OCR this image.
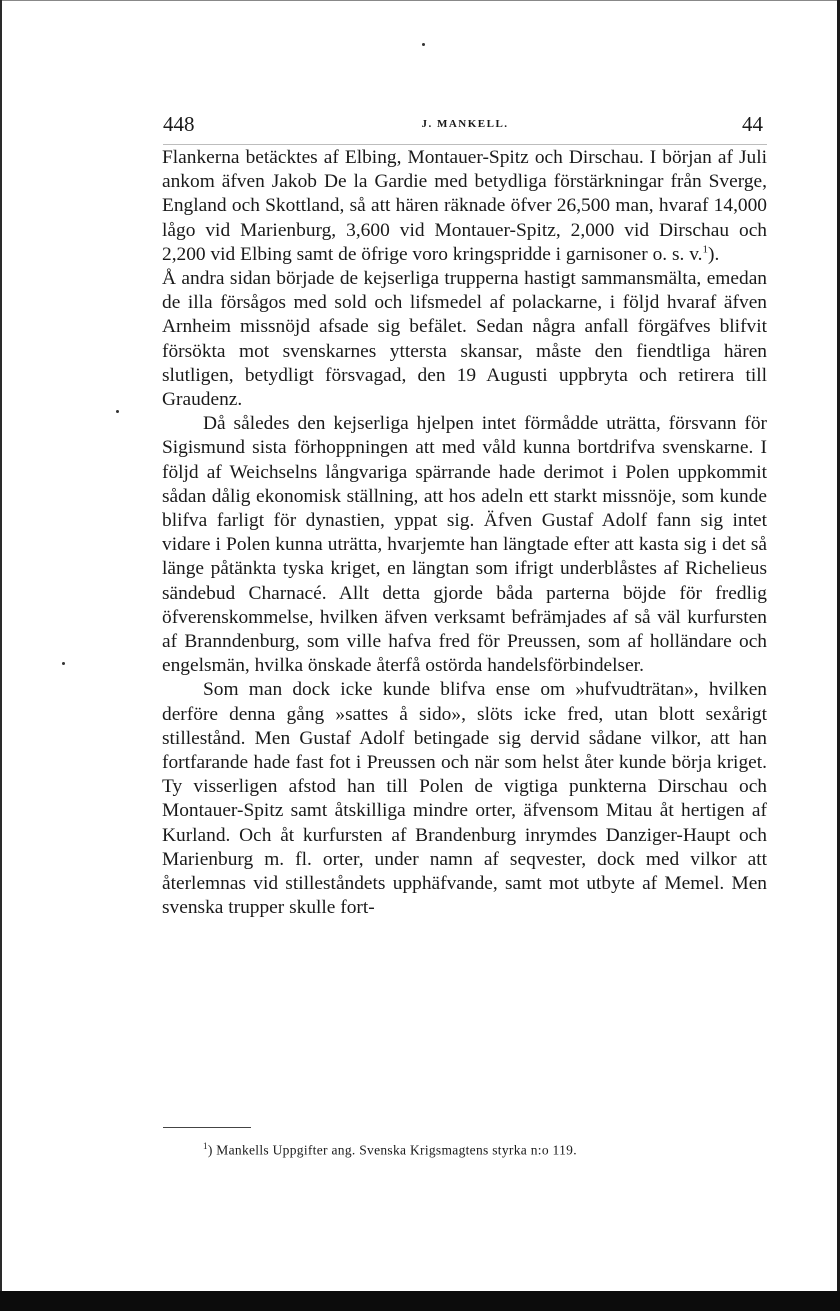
448	J. MANKELL.	44

Flankerna betäcktes af Elbing, Montauer-Spitz och Dirschau. I början af Juli ankom äfven Jakob De la Gardie med betydliga förstärkningar från Sverge, England och Skottland, så att hären räknade öfver 26,500 man, hvaraf 14,000 lågo vid Marienburg, 3,600 vid Montauer-Spitz, 2,000 vid Dirschau och 2,200 vid Elbing samt de öfrige voro kringspridde i garnisoner o. s. v.$^1$).

Å andra sidan började de kejserliga trupperna hastigt sammansmälta, emedan de illa försågos med sold och lifsmedel af polackarne, i följd hvaraf äfven Arnheim missnöjd afsade sig befälet. Sedan några anfall förgäfves blifvit försökta mot svenskarnes yttersta skansar, måste den fiendtliga hären slutligen, betydligt försvagad, den 19 Augusti uppbryta och retirera till Graudenz.

Då således den kejserliga hjelpen intet förmådde uträtta, försvann för Sigismund sista förhoppningen att med våld kunna bortdrifva svenskarne. I följd af Weichselns långvariga spärrande hade derimot i Polen uppkommit sådan dålig ekonomisk ställning, att hos adeln ett starkt missnöje, som kunde blifva farligt för dynastien, yppat sig. Äfven Gustaf Adolf fann sig intet vidare i Polen kunna uträtta, hvarjemte han längtade efter att kasta sig i det så länge påtänkta tyska kriget, en längtan som ifrigt underblåstes af Richelieus sändebud Charnacé. Allt detta gjorde båda parterna böjde för fredlig öfverenskommelse, hvilken äfven verksamt befrämjades af så väl kurfursten af Branndenburg, som ville hafva fred för Preussen, som af holländare och engelsmän, hvilka önskade återfå ostörda handelsförbindelser.

Som man dock icke kunde blifva ense om »hufvudträtan», hvilken derföre denna gång »sattes å sido», slöts icke fred, utan blott sexårigt stillestånd. Men Gustaf Adolf betingade sig dervid sådane vilkor, att han fortfarande hade fast fot i Preussen och när som helst åter kunde börja kriget. Ty visserligen afstod han till Polen de vigtiga punkterna Dirschau och Montauer-Spitz samt åtskilliga mindre orter, äfvensom Mitau åt hertigen af Kurland. Och åt kurfursten af Brandenburg inrymdes Danziger-Haupt och Marienburg m. fl. orter, under namn af seqvester, dock med vilkor att återlemnas vid stilleståndets upphäfvande, samt mot utbyte af Memel. Men svenska trupper skulle fort-

$^1$) Mankells Uppgifter ang. Svenska Krigsmagtens styrka n:o 119.
